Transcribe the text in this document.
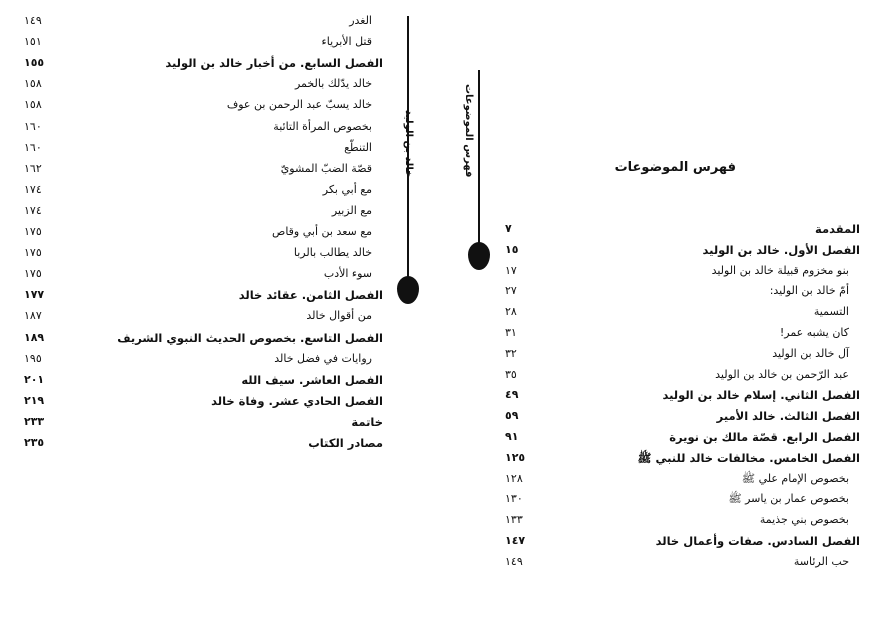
فهرس الموضوعات
خالد بن الوليد	فهرس الموضوعات
الغدر
١٤٩
قتل الأبرياء
١٥١
الفصل السابع. من أخبار خالد بن الوليد
١٥٥
خالد يدّلك بالخمر
١٥٨
خالد يسبّ عبد الرحمن بن عوف
١٥٨
بخصوص المرأة التائبة
١٦٠
التنطّع
١٦٠
قصّة الضبّ المشويّ
١٦٢
مع أبي بكر
١٧٤
مع الزبير
١٧٤
مع سعد بن أبي وقاص
١٧٥
خالد يطالب بالربا
١٧٥
سوء الأدب
١٧٥
الفصل الثامن. عقائد خالد
١٧٧
من أقوال خالد
١٨٧
الفصل التاسع. بخصوص الحديث النبوي الشريف
١٨٩
روايات في فضل خالد
١٩٥
الفصل العاشر. سيف الله
٢٠١
الفصل الحادي عشر. وفاة خالد
٢١٩
خاتمة
٢٣٣
مصادر الكتاب
٢٣٥
المقدمة
٧
الفصل الأول. خالد بن الوليد
١٥
بنو مخزوم قبيلة خالد بن الوليد
١٧
أمّ خالد بن الوليد:
٢٧
التسمية
٢٨
كان يشبه عمر!
٣١
آل خالد بن الوليد
٣٢
عبد الرّحمن بن خالد بن الوليد
٣٥
الفصل الثاني. إسلام خالد بن الوليد
٤٩
الفصل الثالث. خالد الأمير
٥٩
الفصل الرابع. قصّة مالك بن نويرة
٩١
الفصل الخامس. مخالفات خالد للنبي ﷺ
١٢٥
بخصوص الإمام علي ﷺ
١٢٨
بخصوص عمار بن ياسر ﷺ
١٣٠
بخصوص بني جذيمة
١٣٣
الفصل السادس. صفات وأعمال خالد
١٤٧
حب الرئاسة
١٤٩
